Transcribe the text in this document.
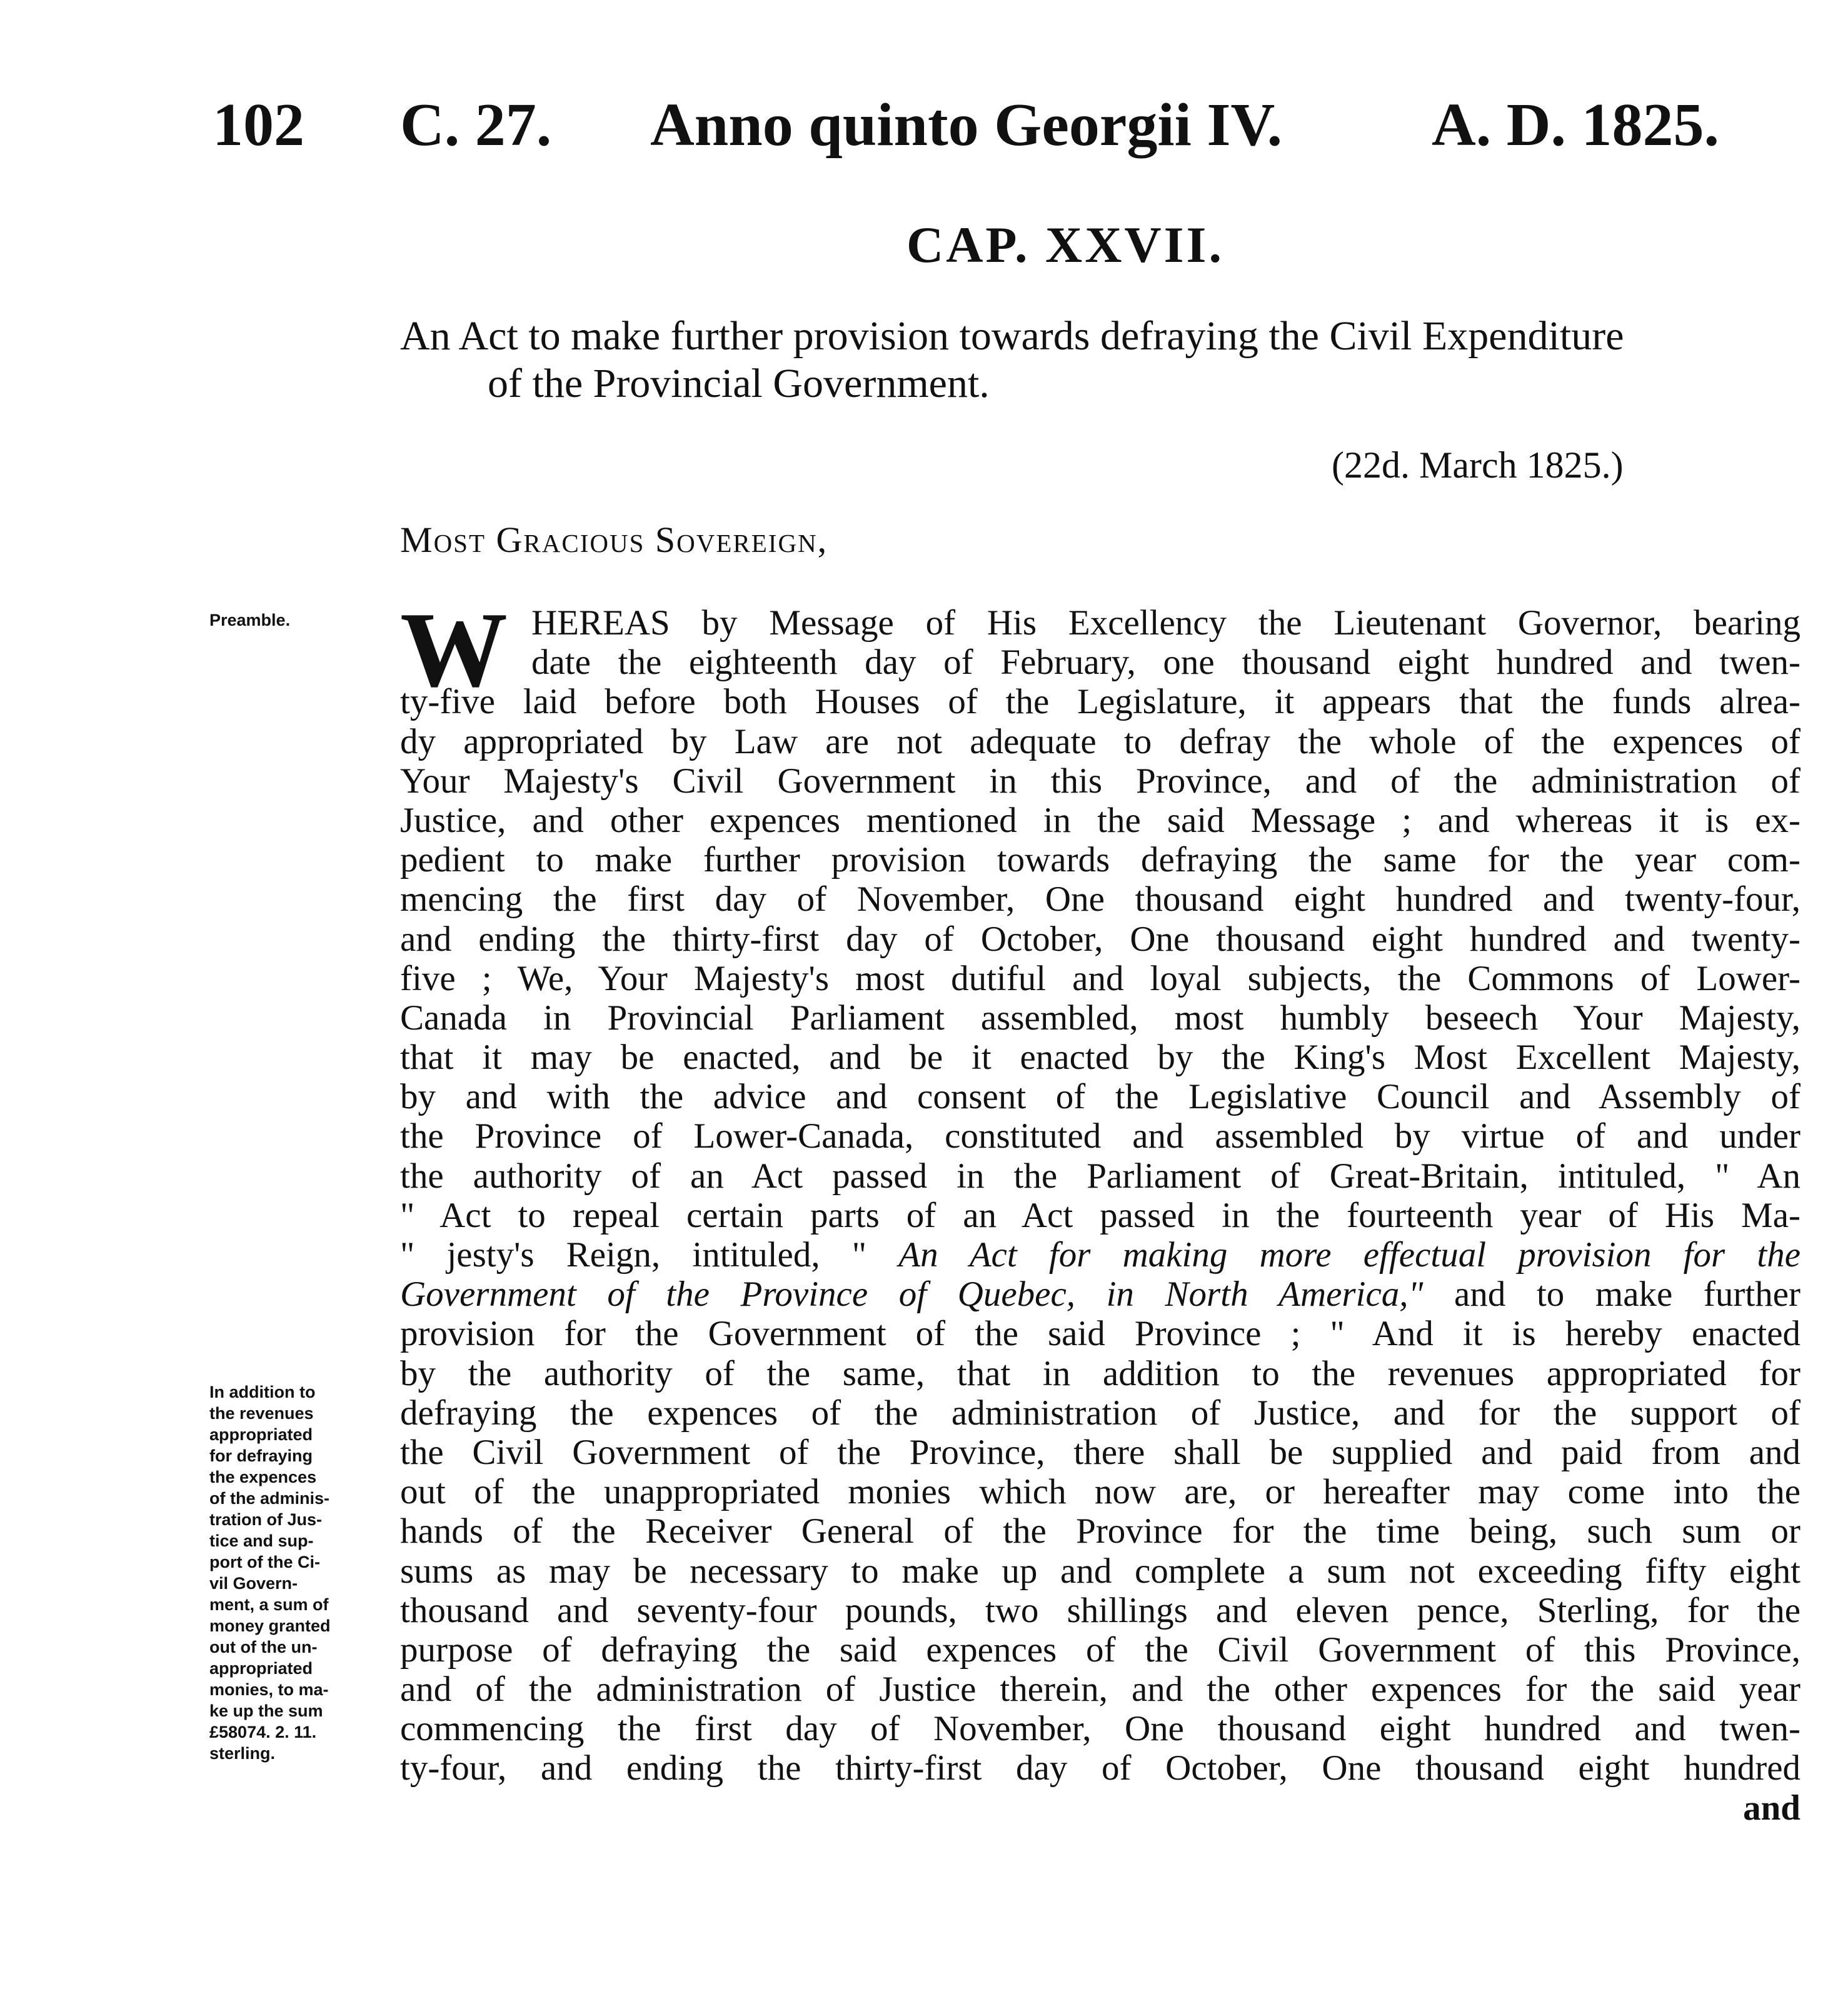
102 C. 27. Anno quinto Georgii IV. A. D. 1825.
CAP. XXVII.
An Act to make further provision towards defraying the Civil Expenditure
of the Provincial Government.
(22d. March 1825.)
Most Gracious Sovereign,
Preamble.
In addition to
the revenues
appropriated
for defraying
the expences
of the adminis-
tration of Jus-
tice and sup-
port of the Ci-
vil Govern-
ment, a sum of
money granted
out of the un-
appropriated
monies, to ma-
ke up the sum
£58074. 2. 11.
sterling.
W HEREAS by Message of His Excellency the Lieutenant Governor, bearing
date the eighteenth day of February, one thousand eight hundred and twen-
ty-five laid before both Houses of the Legislature, it appears that the funds alrea-
dy appropriated by Law are not adequate to defray the whole of the expences of
Your Majesty's Civil Government in this Province, and of the administration of
Justice, and other expences mentioned in the said Message ; and whereas it is ex-
pedient to make further provision towards defraying the same for the year com-
mencing the first day of November, One thousand eight hundred and twenty-four,
and ending the thirty-first day of October, One thousand eight hundred and twenty-
five ; We, Your Majesty's most dutiful and loyal subjects, the Commons of Lower-
Canada in Provincial Parliament assembled, most humbly beseech Your Majesty,
that it may be enacted, and be it enacted by the King's Most Excellent Majesty,
by and with the advice and consent of the Legislative Council and Assembly of
the Province of Lower-Canada, constituted and assembled by virtue of and under
the authority of an Act passed in the Parliament of Great-Britain, intituled, " An
" Act to repeal certain parts of an Act passed in the fourteenth year of His Ma-
" jesty's Reign, intituled, " An Act for making more effectual provision for the
Government of the Province of Quebec, in North America," and to make further
provision for the Government of the said Province ; " And it is hereby enacted
by the authority of the same, that in addition to the revenues appropriated for
defraying the expences of the administration of Justice, and for the support of
the Civil Government of the Province, there shall be supplied and paid from and
out of the unappropriated monies which now are, or hereafter may come into the
hands of the Receiver General of the Province for the time being, such sum or
sums as may be necessary to make up and complete a sum not exceeding fifty eight
thousand and seventy-four pounds, two shillings and eleven pence, Sterling, for the
purpose of defraying the said expences of the Civil Government of this Province,
and of the administration of Justice therein, and the other expences for the said year
commencing the first day of November, One thousand eight hundred and twen-
ty-four, and ending the thirty-first day of October, One thousand eight hundred
and
